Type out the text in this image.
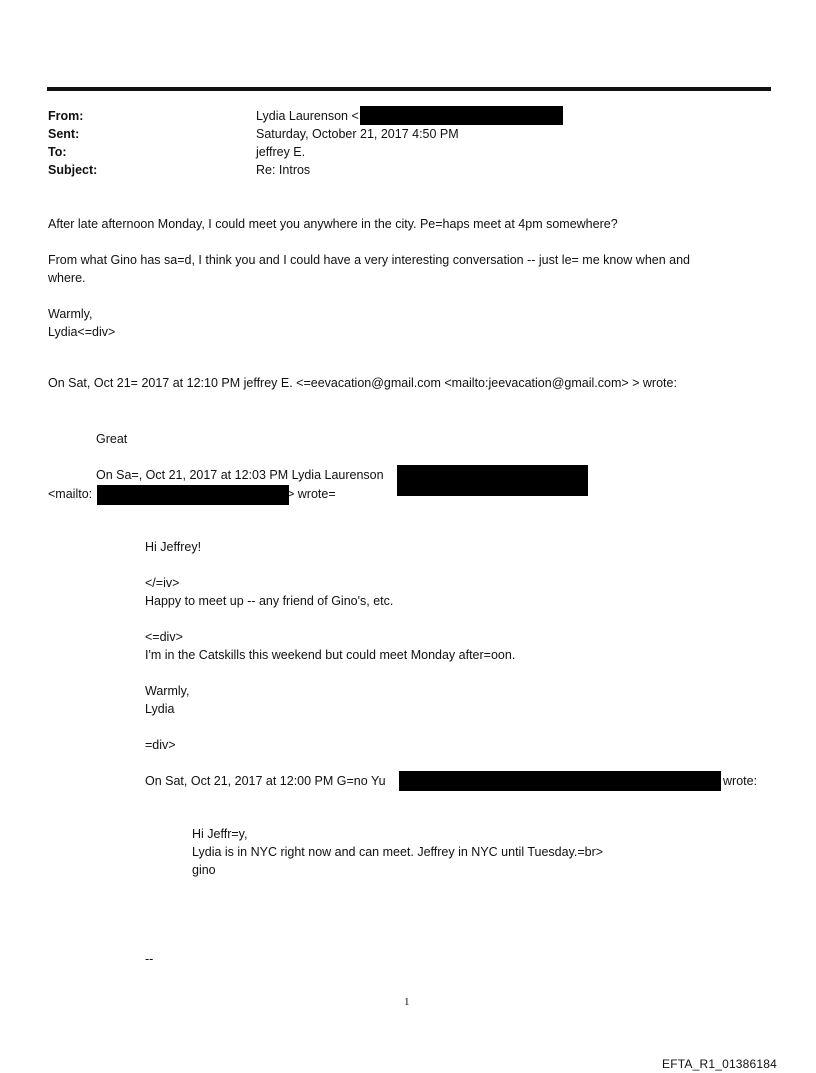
From:	Lydia Laurenson <
Sent:	Saturday, October 21, 2017 4:50 PM
To:	jeffrey E.
Subject:	Re: Intros
After late afternoon Monday, I could meet you anywhere in the city. Pe=haps meet at 4pm somewhere?
From what Gino has sa=d, I think you and I could have a very interesting conversation -- just le= me know when and
where.
Warmly,
Lydia<=div>
On Sat, Oct 21= 2017 at 12:10 PM jeffrey E. <=eevacation@gmail.com <mailto:jeevacation@gmail.com> > wrote:
Great
On Sa=, Oct 21, 2017 at 12:03 PM Lydia Laurenson
<mailto:	> wrote=
Hi Jeffrey!
</=iv>
Happy to meet up -- any friend of Gino's, etc.
<=div>
I'm in the Catskills this weekend but could meet Monday after=oon.
Warmly,
Lydia
=div>
On Sat, Oct 21, 2017 at 12:00 PM G=no Yu	wrote:
Hi Jeffr=y,
Lydia is in NYC right now and can meet. Jeffrey in NYC until Tuesday.=br>
gino
--
1
EFTA_R1_01386184
